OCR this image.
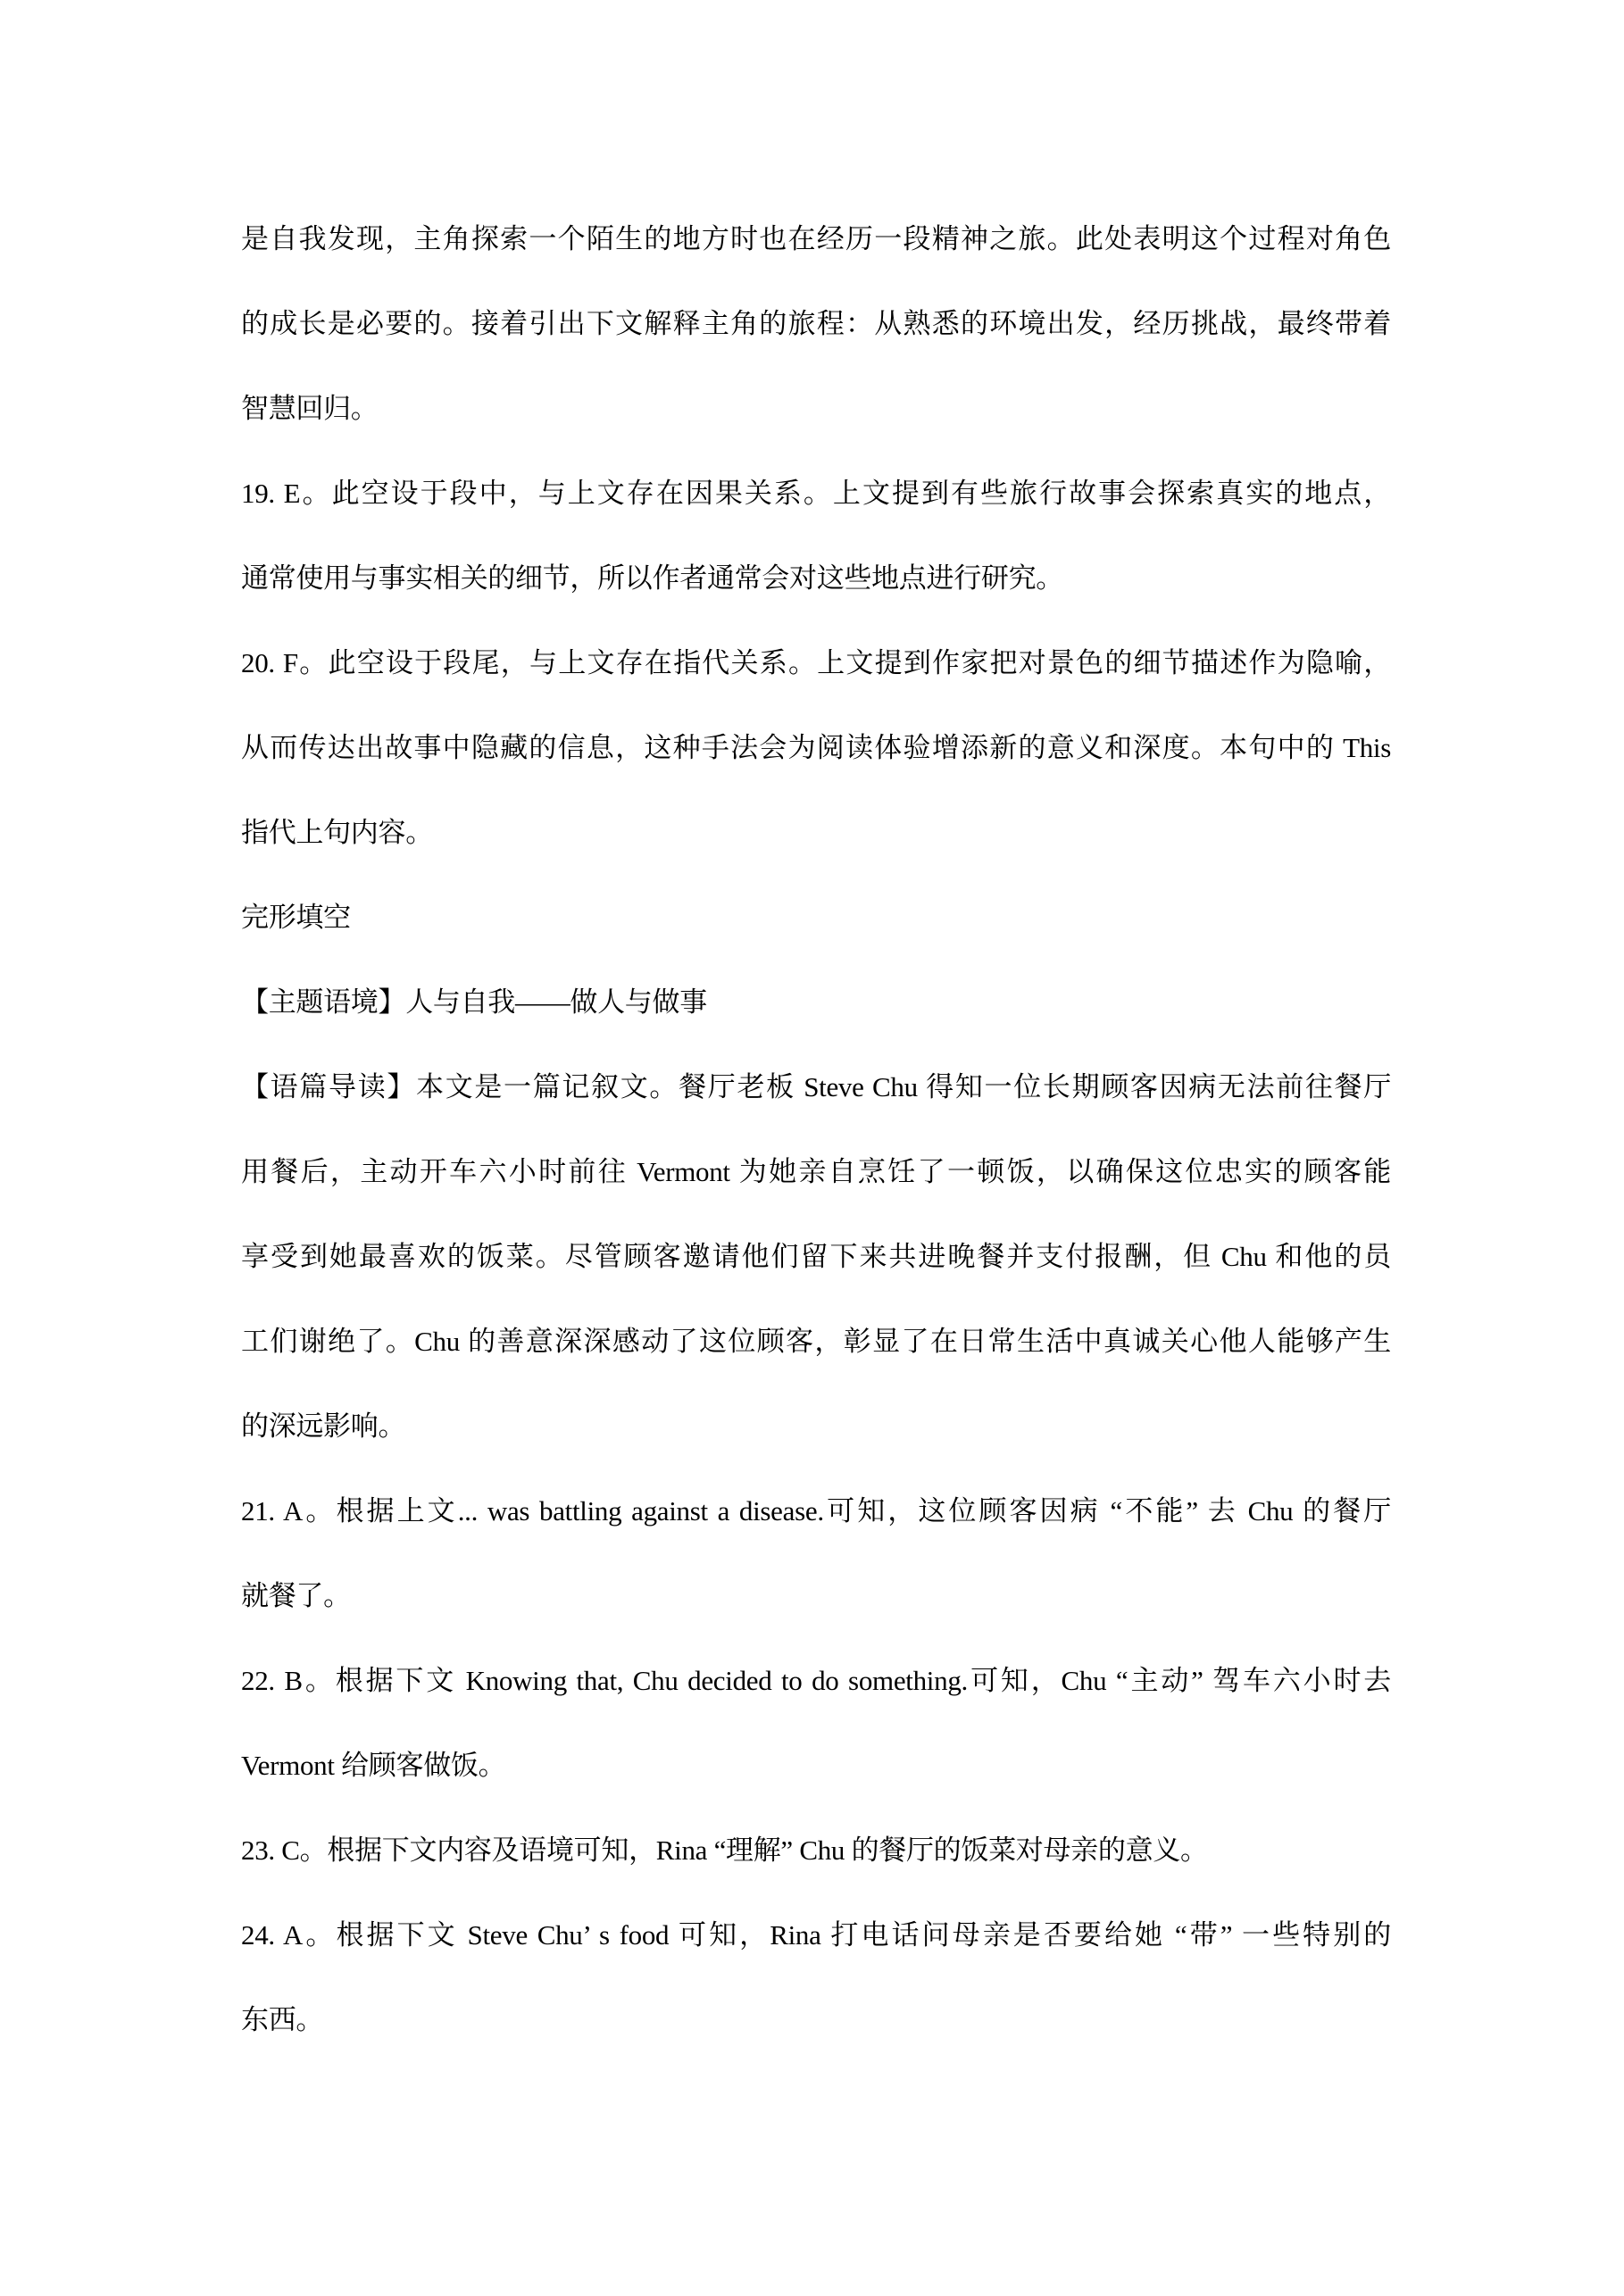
是自我发现，主角探索一个陌生的地方时也在经历一段精神之旅。此处表明这个过程对角色
的成长是必要的。接着引出下文解释主角的旅程：从熟悉的环境出发，经历挑战，最终带着
智慧回归。
19. E。此空设于段中，与上文存在因果关系。上文提到有些旅行故事会探索真实的地点，
通常使用与事实相关的细节，所以作者通常会对这些地点进行研究。
20. F。此空设于段尾，与上文存在指代关系。上文提到作家把对景色的细节描述作为隐喻，
从而传达出故事中隐藏的信息，这种手法会为阅读体验增添新的意义和深度。本句中的 This
指代上句内容。
完形填空
【主题语境】人与自我——做人与做事
【语篇导读】本文是一篇记叙文。餐厅老板 Steve Chu 得知一位长期顾客因病无法前往餐厅
用餐后，主动开车六小时前往 Vermont 为她亲自烹饪了一顿饭，以确保这位忠实的顾客能
享受到她最喜欢的饭菜。尽管顾客邀请他们留下来共进晚餐并支付报酬，但 Chu 和他的员
工们谢绝了。Chu 的善意深深感动了这位顾客，彰显了在日常生活中真诚关心他人能够产生
的深远影响。
21. A。根据上文... was battling against a disease.可知，这位顾客因病 “不能” 去 Chu 的餐厅
就餐了。
22. B。根据下文 Knowing that, Chu decided to do something.可知，Chu “主动” 驾车六小时去
Vermont 给顾客做饭。
23. C。根据下文内容及语境可知，Rina “理解” Chu 的餐厅的饭菜对母亲的意义。
24. A。根据下文 Steve Chu’ s food 可知，Rina 打电话问母亲是否要给她 “带” 一些特别的
东西。
